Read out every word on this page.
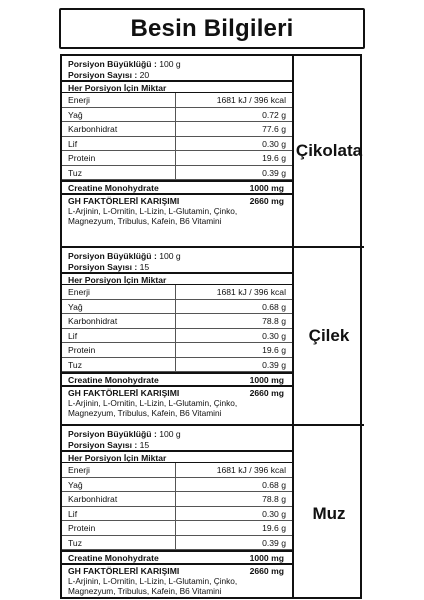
Besin Bilgileri
Porsiyon Büyüklüğü : 100 g
Porsiyon Sayısı : 20
Her Porsiyon İçin Miktar
Enerji	1681 kJ / 396 kcal
Yağ	0.72 g
Karbonhidrat	77.6 g
Lif	0.30 g
Protein	19.6 g
Tuz	0.39 g
Creatine Monohydrate	1000 mg
GH FAKTÖRLERİ KARIŞIMI	2660 mg
L-Arjinin, L-Ornitin, L-Lizin, L-Glutamin, Çinko,
Magnezyum, Tribulus, Kafein, B6 Vitamini
Çikolata
Porsiyon Büyüklüğü : 100 g
Porsiyon Sayısı : 15
Her Porsiyon İçin Miktar
Enerji	1681 kJ / 396 kcal
Yağ	0.68 g
Karbonhidrat	78.8 g
Lif	0.30 g
Protein	19.6 g
Tuz	0.39 g
Creatine Monohydrate	1000 mg
GH FAKTÖRLERİ KARIŞIMI	2660 mg
L-Arjinin, L-Ornitin, L-Lizin, L-Glutamin, Çinko,
Magnezyum, Tribulus, Kafein, B6 Vitamini
Çilek
Porsiyon Büyüklüğü : 100 g
Porsiyon Sayısı : 15
Her Porsiyon İçin Miktar
Enerji	1681 kJ / 396 kcal
Yağ	0.68 g
Karbonhidrat	78.8 g
Lif	0.30 g
Protein	19.6 g
Tuz	0.39 g
Creatine Monohydrate	1000 mg
GH FAKTÖRLERİ KARIŞIMI	2660 mg
L-Arjinin, L-Ornitin, L-Lizin, L-Glutamin, Çinko,
Magnezyum, Tribulus, Kafein, B6 Vitamini
Muz
